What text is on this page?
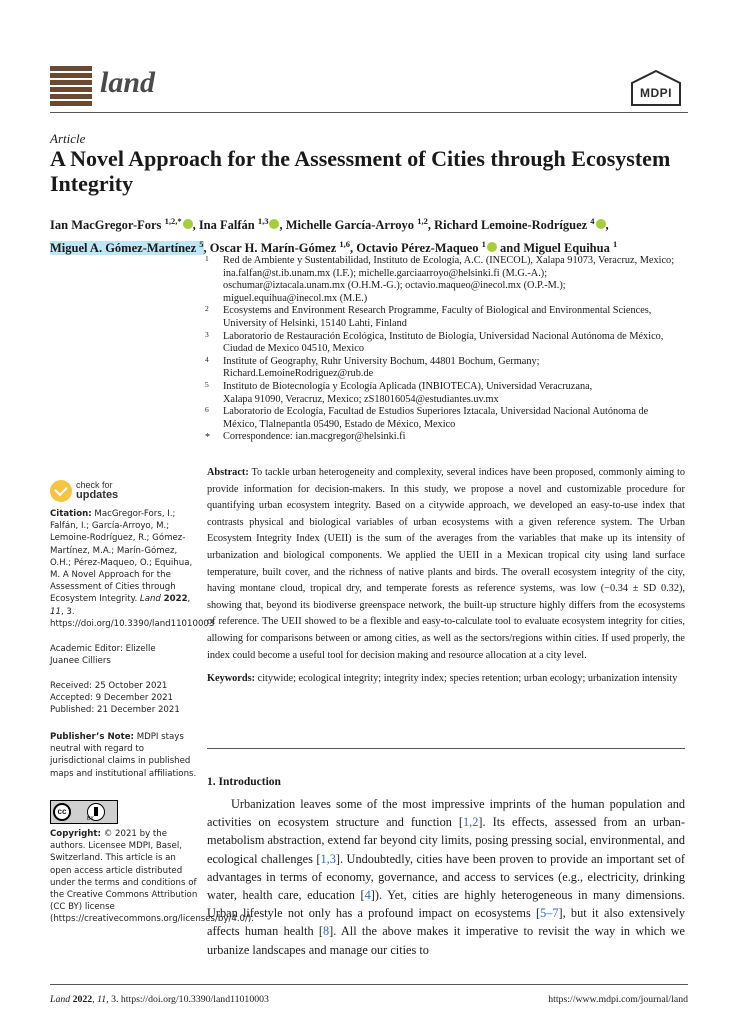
land	MDPI
Article
A Novel Approach for the Assessment of Cities through Ecosystem Integrity
Ian MacGregor-Fors $^{1,2,*}$ , Ina Falfán $^{1,3}$ , Michelle García-Arroyo $^{1,2}$, Richard Lemoine-Rodríguez $^4$ ,
Miguel A. Gómez-Martínez $^5$, Oscar H. Marín-Gómez $^{1,6}$, Octavio Pérez-Maqueo $^1$ and Miguel Equihua $^1$
1 Red de Ambiente y Sustentabilidad, Instituto de Ecología, A.C. (INECOL), Xalapa 91073, Veracruz, Mexico;
ina.falfan@st.ib.unam.mx (I.F.); michelle.garciaarroyo@helsinki.fi (M.G.-A.);
oschumar@iztacala.unam.mx (O.H.M.-G.); octavio.maqueo@inecol.mx (O.P.-M.);
miguel.equihua@inecol.mx (M.E.)
2 Ecosystems and Environment Research Programme, Faculty of Biological and Environmental Sciences,
University of Helsinki, 15140 Lahti, Finland
3 Laboratorio de Restauración Ecológica, Instituto de Biología, Universidad Nacional Autónoma de México,
Ciudad de Mexico 04510, Mexico
4 Institute of Geography, Ruhr University Bochum, 44801 Bochum, Germany;
Richard.LemoineRodriguez@rub.de
5 Instituto de Biotecnología y Ecología Aplicada (INBIOTECA), Universidad Veracruzana,
Xalapa 91090, Veracruz, Mexico; zS18016054@estudiantes.uv.mx
6 Laboratorio de Ecología, Facultad de Estudios Superiores Iztacala, Universidad Nacional Autónoma de
México, Tlalnepantla 05490, Estado de México, Mexico
* Correspondence: ian.macgregor@helsinki.fi
check for
updates
Citation: MacGregor-Fors, I.; Falfán, I.; García-Arroyo, M.; Lemoine-Rodríguez, R.; Gómez-Martínez, M.A.; Marín-Gómez, O.H.; Pérez-Maqueo, O.; Equihua, M. A Novel Approach for the Assessment of Cities through Ecosystem Integrity. Land 2022, 11, 3. https://doi.org/10.3390/land11010003
Academic Editor: Elizelle
Juanee Cilliers
Received: 25 October 2021
Accepted: 9 December 2021
Published: 21 December 2021
Publisher’s Note: MDPI stays neutral with regard to jurisdictional claims in published maps and institutional affiliations.
cc
BY
Copyright: © 2021 by the authors. Licensee MDPI, Basel, Switzerland. This article is an open access article distributed under the terms and conditions of the Creative Commons Attribution (CC BY) license (https://creativecommons.org/licenses/by/4.0/).
Abstract: To tackle urban heterogeneity and complexity, several indices have been proposed, commonly aiming to provide information for decision-makers. In this study, we propose a novel and customizable procedure for quantifying urban ecosystem integrity. Based on a citywide approach, we developed an easy-to-use index that contrasts physical and biological variables of urban ecosystems with a given reference system. The Urban Ecosystem Integrity Index (UEII) is the sum of the averages from the variables that make up its intensity of urbanization and biological components. We applied the UEII in a Mexican tropical city using land surface temperature, built cover, and the richness of native plants and birds. The overall ecosystem integrity of the city, having montane cloud, tropical dry, and temperate forests as reference systems, was low (−0.34 ± SD 0.32), showing that, beyond its biodiverse greenspace network, the built-up structure highly differs from the ecosystems of reference. The UEII showed to be a flexible and easy-to-calculate tool to evaluate ecosystem integrity for cities, allowing for comparisons between or among cities, as well as the sectors/regions within cities. If used properly, the index could become a useful tool for decision making and resource allocation at a city level.
Keywords: citywide; ecological integrity; integrity index; species retention; urban ecology; urbanization intensity
1. Introduction
Urbanization leaves some of the most impressive imprints of the human population and activities on ecosystem structure and function [1,2]. Its effects, assessed from an urban-metabolism abstraction, extend far beyond city limits, posing pressing social, environmental, and ecological challenges [1,3]. Undoubtedly, cities have been proven to provide an important set of advantages in terms of economy, governance, and access to services (e.g., electricity, drinking water, health care, education [4]). Yet, cities are highly heterogeneous in many dimensions. Urban lifestyle not only has a profound impact on ecosystems [5–7], but it also extensively affects human health [8]. All the above makes it imperative to revisit the way in which we urbanize landscapes and manage our cities to
Land 2022, 11, 3. https://doi.org/10.3390/land11010003	https://www.mdpi.com/journal/land
